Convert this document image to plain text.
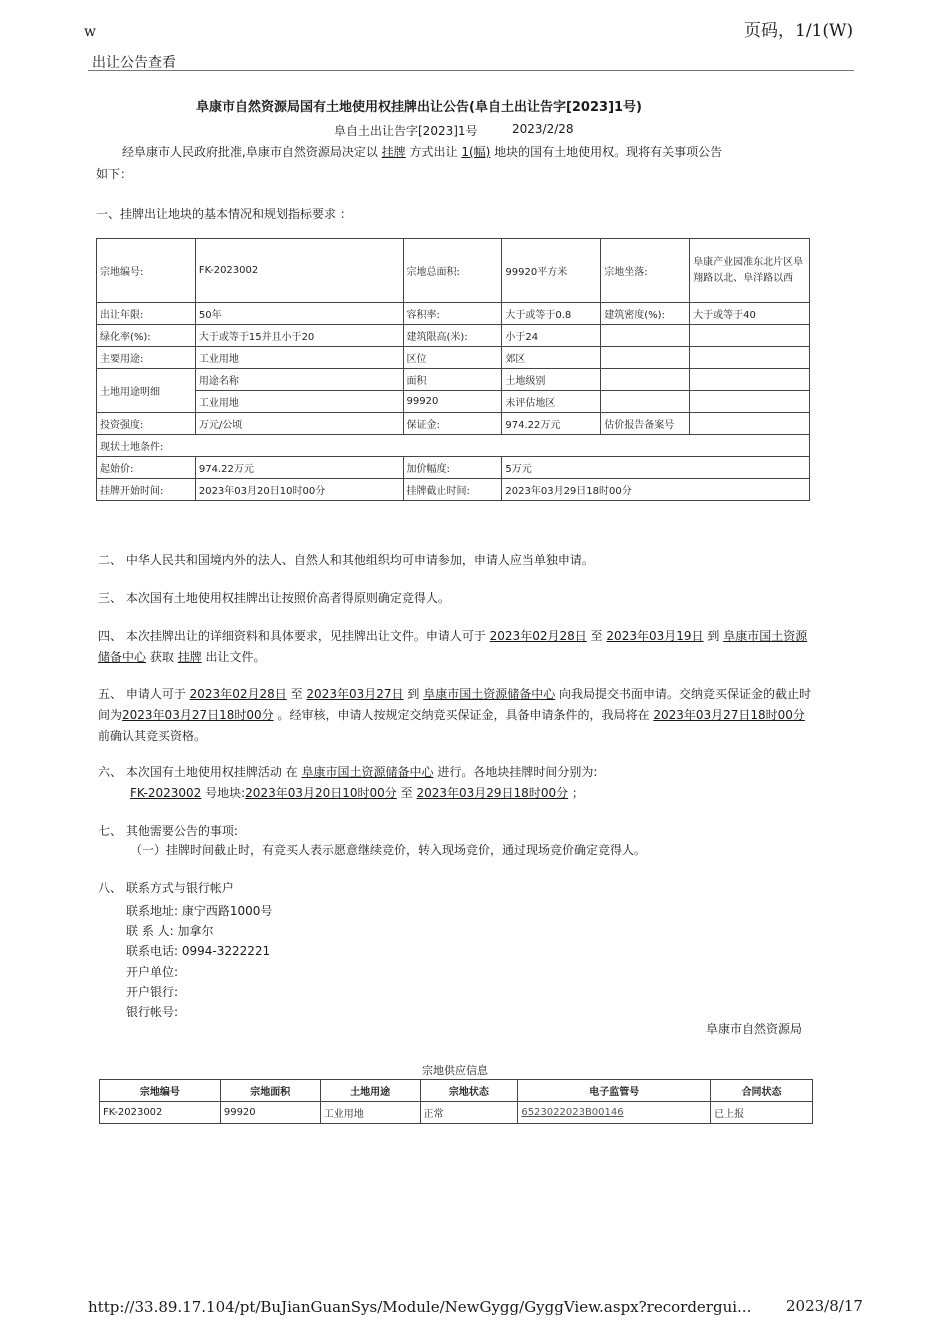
w	页码，1/1(W)
出让公告查看
阜康市自然资源局国有土地使用权挂牌出让公告(阜自土出让告字[2023]1号)
阜自土出让告字[2023]1号	2023/2/28
经阜康市人民政府批准,阜康市自然资源局决定以 挂牌 方式出让 1(幅) 地块的国有土地使用权。现将有关事项公告
如下：
一、挂牌出让地块的基本情况和规划指标要求 ：
宗地编号:	FK-2023002	宗地总面积:	99920平方米	宗地坐落:	阜康产业园准东北片区阜翔路以北、阜洋路以西
出让年限:	50年	容积率:	大于或等于0.8	建筑密度(%):	大于或等于40
绿化率(%):	大于或等于15并且小于20	建筑限高(米):	小于24		
主要用途:	工业用地	区位	郊区		
土地用途明细	用途名称	面积	土地级别		
	工业用地	99920	未评估地区		
投资强度:	万元/公顷	保证金:	974.22万元	估价报告备案号	
现状土地条件:					
起始价:	974.22万元	加价幅度:	5万元		
挂牌开始时间:	2023年03月20日10时00分	挂牌截止时间:	2023年03月29日18时00分		
二、 中华人民共和国境内外的法人、自然人和其他组织均可申请参加，申请人应当单独申请。
三、 本次国有土地使用权挂牌出让按照价高者得原则确定竞得人。
四、 本次挂牌出让的详细资料和具体要求，见挂牌出让文件。申请人可于 2023年02月28日 至 2023年03月19日 到 阜康市国土资源储备中心 获取 挂牌 出让文件。
五、 申请人可于 2023年02月28日 至 2023年03月27日 到 阜康市国土资源储备中心 向我局提交书面申请。交纳竞买保证金的截止时间为2023年03月27日18时00分 。经审核，申请人按规定交纳竞买保证金，具备申请条件的，我局将在 2023年03月27日18时00分 前确认其竞买资格。
六、 本次国有土地使用权挂牌活动 在 阜康市国土资源储备中心 进行。各地块挂牌时间分别为:
FK-2023002 号地块:2023年03月20日10时00分 至 2023年03月29日18时00分 ；
七、 其他需要公告的事项:
（一）挂牌时间截止时，有竞买人表示愿意继续竞价，转入现场竞价，通过现场竞价确定竞得人。
八、 联系方式与银行帐户
联系地址: 康宁西路1000号
联 系 人: 加拿尔
联系电话: 0994-3222221
开户单位:
开户银行:
银行帐号:
阜康市自然资源局
宗地供应信息
宗地编号	宗地面积	土地用途	宗地状态	电子监管号	合同状态
FK-2023002	99920	工业用地	正常	6523022023B00146	已上报
http://33.89.17.104/pt/BuJianGuanSys/Module/NewGygg/GyggView.aspx?recordergui... 2023/8/17
